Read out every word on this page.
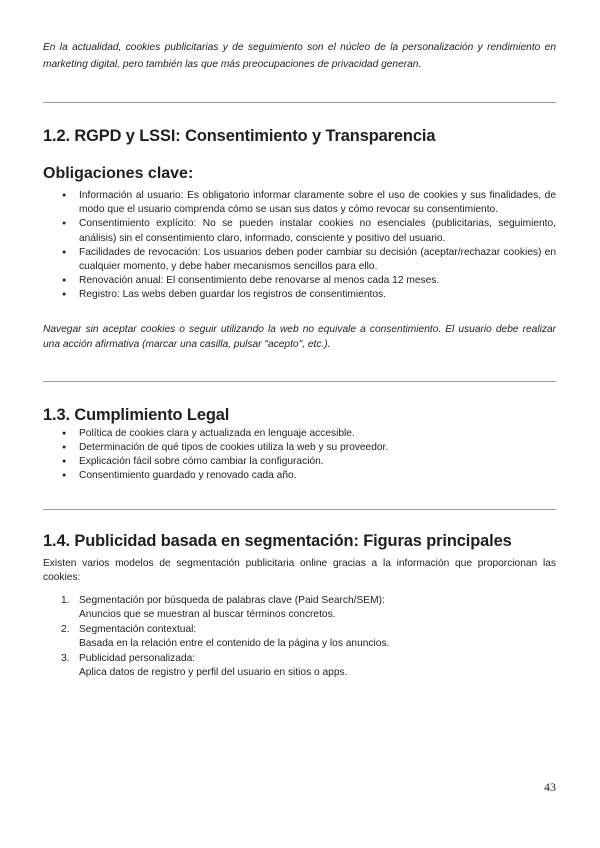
En la actualidad, cookies publicitarias y de seguimiento son el núcleo de la personalización y rendimiento en marketing digital, pero también las que más preocupaciones de privacidad generan.

1.2. RGPD y LSSI: Consentimiento y Transparencia
Obligaciones clave:
● Información al usuario: Es obligatorio informar claramente sobre el uso de cookies y sus finalidades, de modo que el usuario comprenda cómo se usan sus datos y cómo revocar su consentimiento.
● Consentimiento explícito: No se pueden instalar cookies no esenciales (publicitarias, seguimiento, análisis) sin el consentimiento claro, informado, consciente y positivo del usuario.
● Facilidades de revocación: Los usuarios deben poder cambiar su decisión (aceptar/rechazar cookies) en cualquier momento, y debe haber mecanismos sencillos para ello.
● Renovación anual: El consentimiento debe renovarse al menos cada 12 meses.
● Registro: Las webs deben guardar los registros de consentimientos.

Navegar sin aceptar cookies o seguir utilizando la web no equivale a consentimiento. El usuario debe realizar una acción afirmativa (marcar una casilla, pulsar "acepto", etc.).

1.3. Cumplimiento Legal
● Política de cookies clara y actualizada en lenguaje accesible.
● Determinación de qué tipos de cookies utiliza la web y su proveedor.
● Explicación fácil sobre cómo cambiar la configuración.
● Consentimiento guardado y renovado cada año.
1.4. Publicidad basada en segmentación: Figuras principales

Existen varios modelos de segmentación publicitaria online gracias a la información que proporcionan las cookies:

1. Segmentación por búsqueda de palabras clave (Paid Search/SEM):
Anuncios que se muestran al buscar términos concretos.
2. Segmentación contextual:
Basada en la relación entre el contenido de la página y los anuncios.
3. Publicidad personalizada:
Aplica datos de registro y perfil del usuario en sitios o apps.
43
